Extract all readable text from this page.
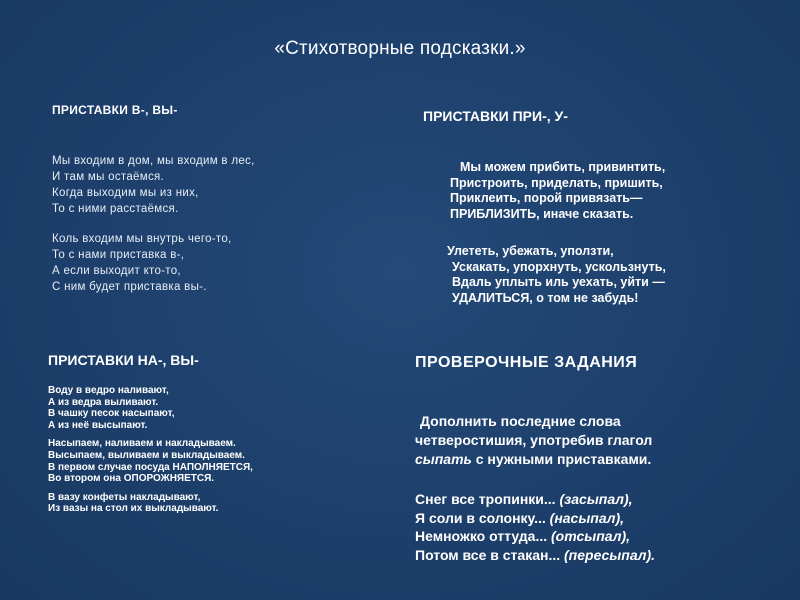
«Стихотворные подсказки.»
ПРИСТАВКИ В-, ВЫ-
Мы входим в дом, мы входим в лес,
И там мы остаёмся.
Когда выходим мы из них,
То с ними расстаёмся.
Коль входим мы внутрь чего-то,
То с нами приставка в-,
А если выходит кто-то,
С ним будет приставка вы-.
ПРИСТАВКИ ПРИ-, У-
Мы можем прибить, привинтить,
Пристроить, приделать, пришить,
Приклеить, порой привязать—
ПРИБЛИЗИТЬ, иначе сказать.
Улететь, убежать, уползти,
Ускакать, упорхнуть, ускользнуть,
Вдаль уплыть иль уехать, уйти —
УДАЛИТЬСЯ, о том не забудь!
ПРИСТАВКИ НА-, ВЫ-
Воду в ведро наливают,
А из ведра выливают.
В чашку песок насыпают,
А из неё высыпают.
Насыпаем, наливаем и накладываем.
Высыпаем, выливаем и выкладываем.
В первом случае посуда НАПОЛНЯЕТСЯ,
Во втором она ОПОРОЖНЯЕТСЯ.
В вазу конфеты накладывают,
Из вазы на стол их выкладывают.
ПРОВЕРОЧНЫЕ ЗАДАНИЯ
Дополнить последние слова
четверостишия, употребив глагол
сыпать с нужными приставками.
Снег все тропинки... (засыпал),
Я соли в солонку... (насыпал),
Немножко оттуда... (отсыпал),
Потом все в стакан... (пересыпал).
